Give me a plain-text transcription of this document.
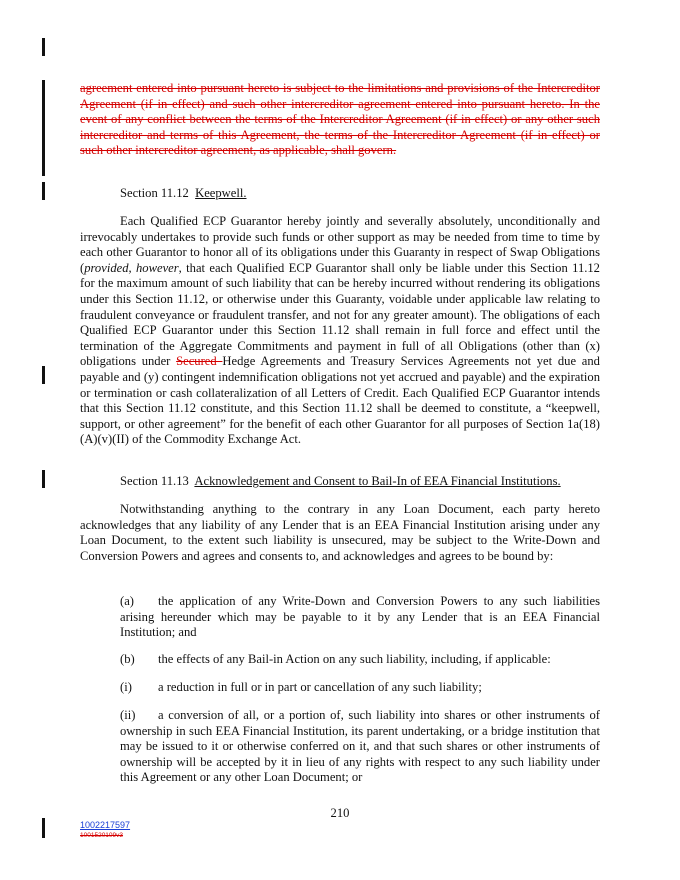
agreement entered into pursuant hereto is subject to the limitations and provisions of the Intercreditor Agreement (if in effect) and such other intercreditor agreement entered into pursuant hereto. In the event of any conflict between the terms of the Intercreditor Agreement (if in effect) or any other such intercreditor and terms of this Agreement, the terms of the Intercreditor Agreement (if in effect) or such other intercreditor agreement, as applicable, shall govern.
Section 11.12 Keepwell.
Each Qualified ECP Guarantor hereby jointly and severally absolutely, unconditionally and irrevocably undertakes to provide such funds or other support as may be needed from time to time by each other Guarantor to honor all of its obligations under this Guaranty in respect of Swap Obligations (provided, however, that each Qualified ECP Guarantor shall only be liable under this Section 11.12 for the maximum amount of such liability that can be hereby incurred without rendering its obligations under this Section 11.12, or otherwise under this Guaranty, voidable under applicable law relating to fraudulent conveyance or fraudulent transfer, and not for any greater amount). The obligations of each Qualified ECP Guarantor under this Section 11.12 shall remain in full force and effect until the termination of the Aggregate Commitments and payment in full of all Obligations (other than (x) obligations under Secured Hedge Agreements and Treasury Services Agreements not yet due and payable and (y) contingent indemnification obligations not yet accrued and payable) and the expiration or termination or cash collateralization of all Letters of Credit. Each Qualified ECP Guarantor intends that this Section 11.12 constitute, and this Section 11.12 shall be deemed to constitute, a “keepwell, support, or other agreement” for the benefit of each other Guarantor for all purposes of Section 1a(18)(A)(v)(II) of the Commodity Exchange Act.
Section 11.13 Acknowledgement and Consent to Bail-In of EEA Financial Institutions.
Notwithstanding anything to the contrary in any Loan Document, each party hereto acknowledges that any liability of any Lender that is an EEA Financial Institution arising under any Loan Document, to the extent such liability is unsecured, may be subject to the Write-Down and Conversion Powers and agrees and consents to, and acknowledges and agrees to be bound by:
(a) the application of any Write-Down and Conversion Powers to any such liabilities arising hereunder which may be payable to it by any Lender that is an EEA Financial Institution; and
(b) the effects of any Bail-in Action on any such liability, including, if applicable:
(i) a reduction in full or in part or cancellation of any such liability;
(ii) a conversion of all, or a portion of, such liability into shares or other instruments of ownership in such EEA Financial Institution, its parent undertaking, or a bridge institution that may be issued to it or otherwise conferred on it, and that such shares or other instruments of ownership will be accepted by it in lieu of any rights with respect to any such liability under this Agreement or any other Loan Document; or
210
1002217597
1001520109v3
